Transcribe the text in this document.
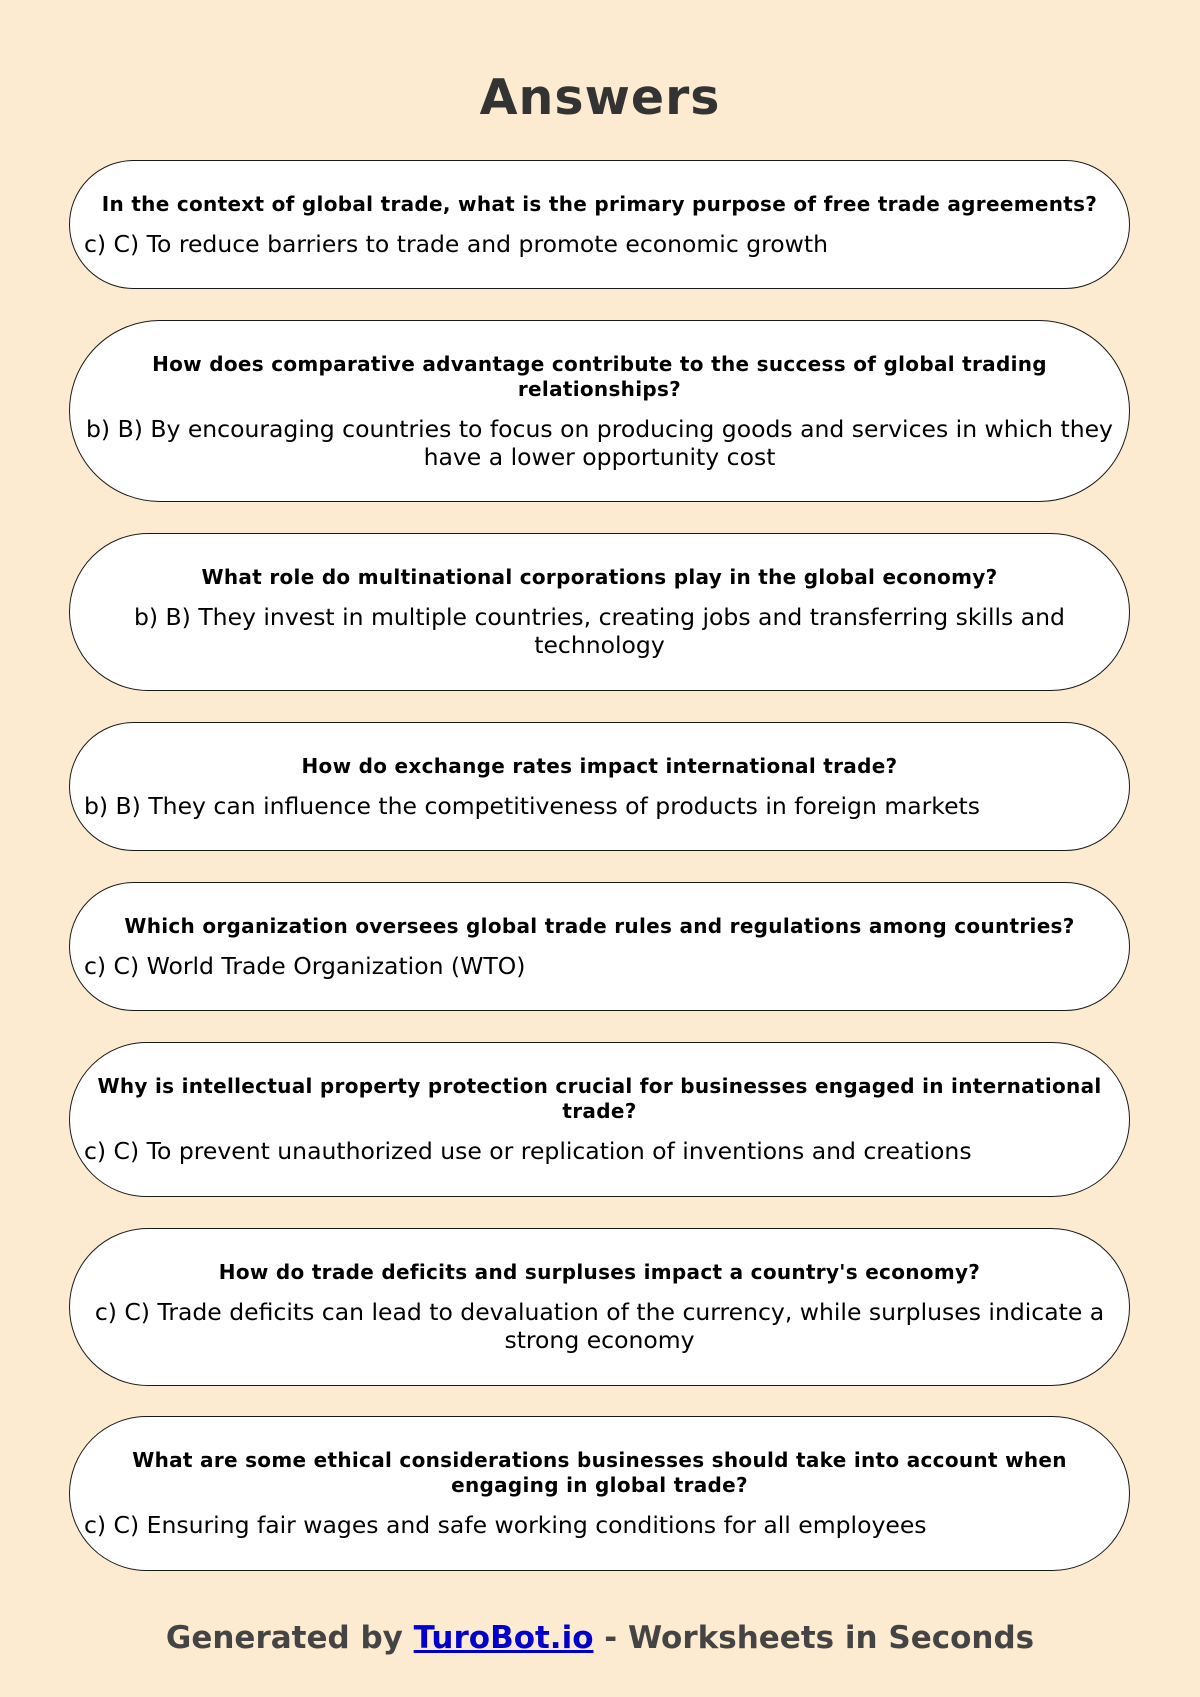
Answers

In the context of global trade, what is the primary purpose of free trade agreements?

c) C) To reduce barriers to trade and promote economic growth

How does comparative advantage contribute to the success of global trading relationships?

b) B) By encouraging countries to focus on producing goods and services in which they have a lower opportunity cost

What role do multinational corporations play in the global economy?

b) B) They invest in multiple countries, creating jobs and transferring skills and technology

How do exchange rates impact international trade?

b) B) They can influence the competitiveness of products in foreign markets

Which organization oversees global trade rules and regulations among countries?

c) C) World Trade Organization (WTO)

Why is intellectual property protection crucial for businesses engaged in international trade?

c) C) To prevent unauthorized use or replication of inventions and creations

How do trade deficits and surpluses impact a country's economy?

c) C) Trade deficits can lead to devaluation of the currency, while surpluses indicate a strong economy

What are some ethical considerations businesses should take into account when engaging in global trade?

c) C) Ensuring fair wages and safe working conditions for all employees

Generated by TuroBot.io - Worksheets in Seconds
